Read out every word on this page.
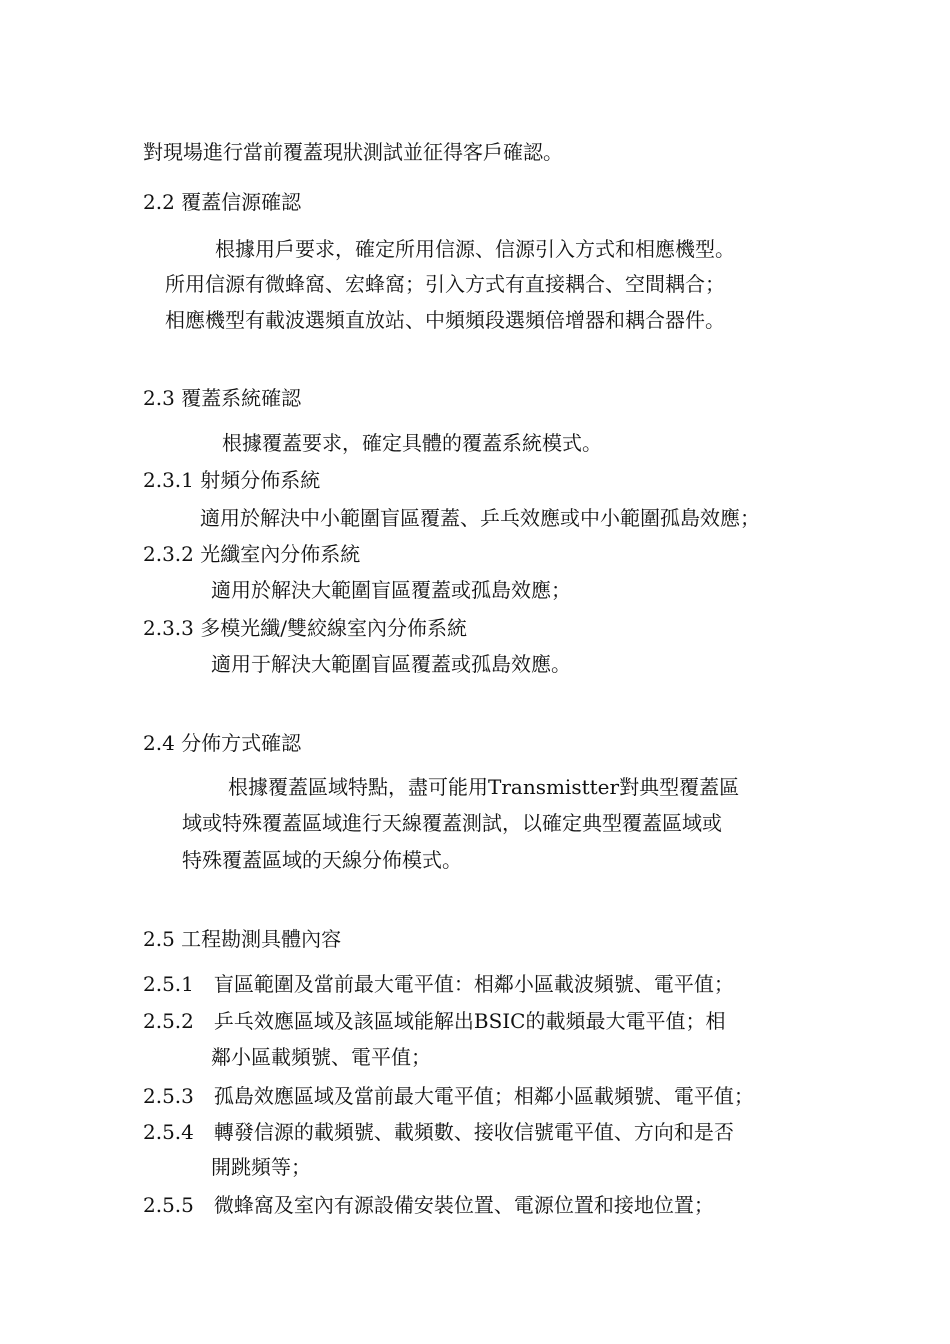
對現場進行當前覆蓋現狀測試並征得客戶確認。
2.2 覆蓋信源確認
根據用戶要求，確定所用信源、信源引入方式和相應機型。
所用信源有微蜂窩、宏蜂窩；引入方式有直接耦合、空間耦合；
相應機型有載波選頻直放站、中頻頻段選頻倍增器和耦合器件。
2.3 覆蓋系統確認
根據覆蓋要求，確定具體的覆蓋系統模式。
2.3.1 射頻分佈系統
適用於解決中小範圍盲區覆蓋、乒乓效應或中小範圍孤島效應；
2.3.2 光纖室內分佈系統
適用於解決大範圍盲區覆蓋或孤島效應；
2.3.3 多模光纖/雙絞線室內分佈系統
適用于解決大範圍盲區覆蓋或孤島效應。
2.4 分佈方式確認
根據覆蓋區域特點，盡可能用Transmistter對典型覆蓋區
域或特殊覆蓋區域進行天線覆蓋測試，以確定典型覆蓋區域或
特殊覆蓋區域的天線分佈模式。
2.5 工程勘測具體內容
2.5.1　盲區範圍及當前最大電平值：相鄰小區載波頻號、電平值；
2.5.2　乒乓效應區域及該區域能解出BSIC的載頻最大電平值；相
鄰小區載頻號、電平值；
2.5.3　孤島效應區域及當前最大電平值；相鄰小區載頻號、電平值；
2.5.4　轉發信源的載頻號、載頻數、接收信號電平值、方向和是否
開跳頻等；
2.5.5　微蜂窩及室內有源設備安裝位置、電源位置和接地位置；
